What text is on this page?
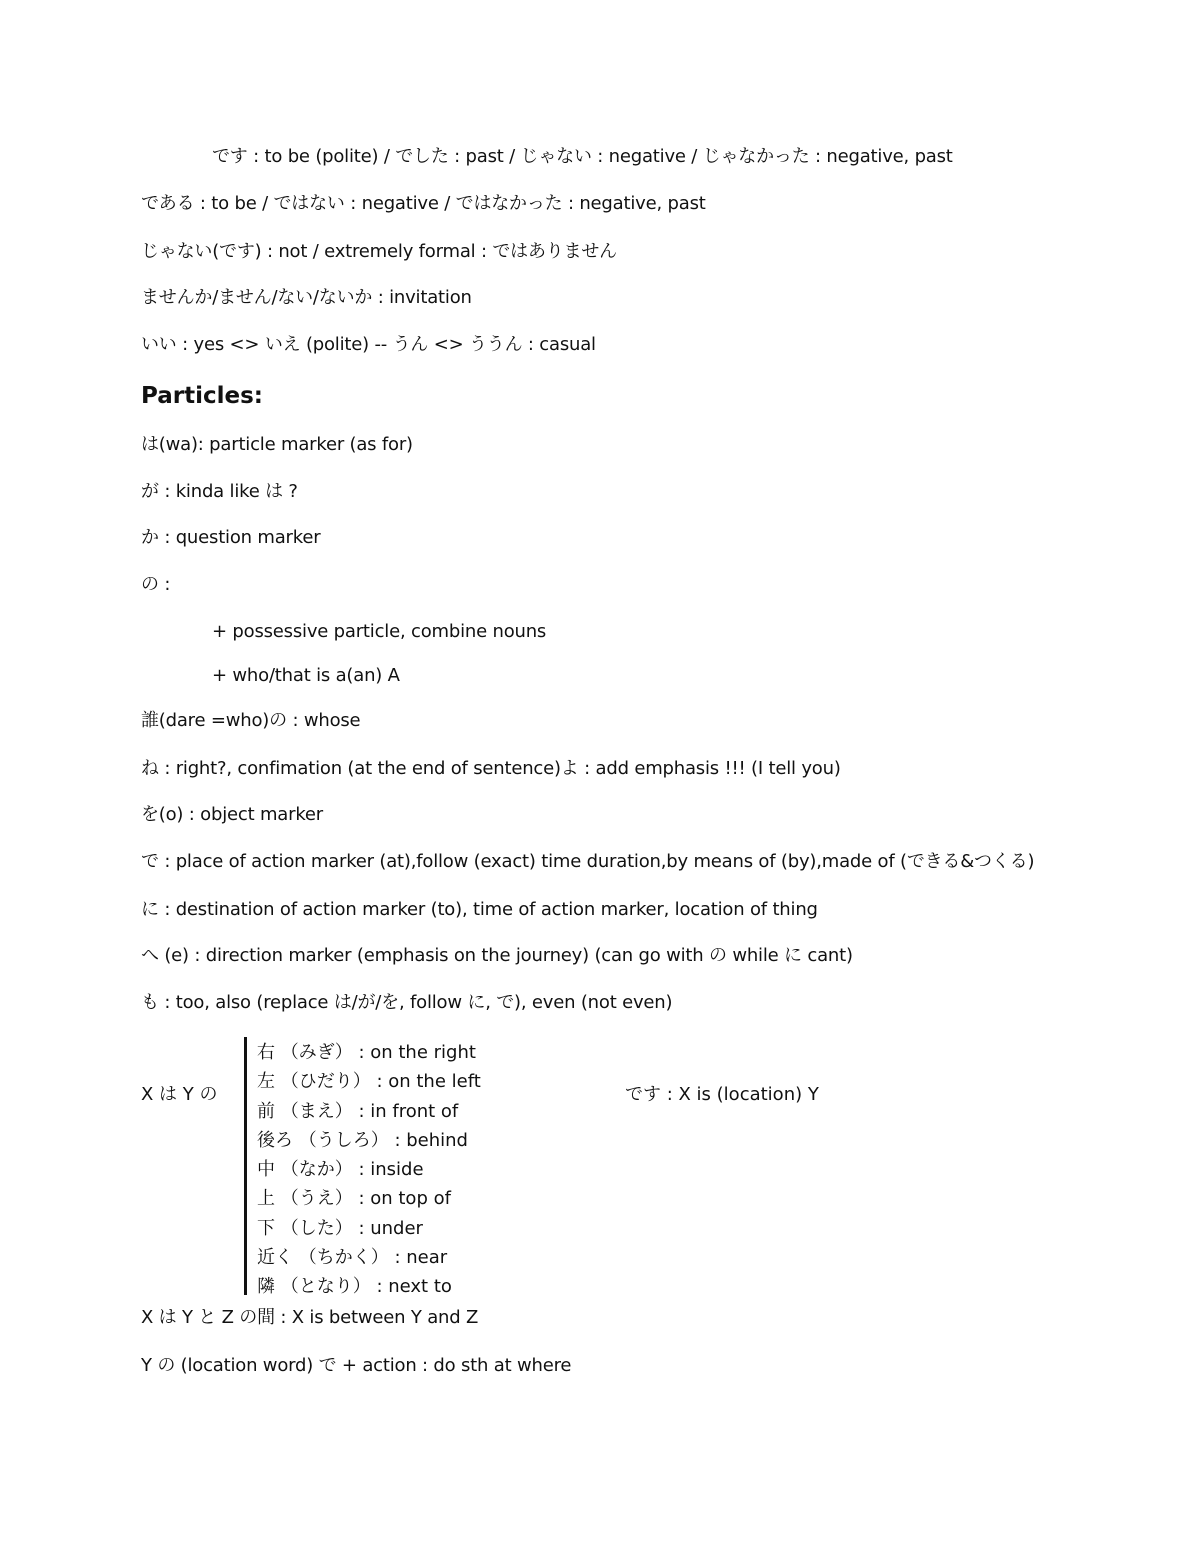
です : to be (polite) / でした : past / じゃない : negative / じゃなかった : negative, past
である : to be / ではない : negative / ではなかった : negative, past
じゃない(です) : not / extremely formal : ではありません
ませんか/ません/ない/ないか : invitation
いい : yes <> いえ (polite) -- うん <> ううん : casual
Particles:
は(wa): particle marker (as for)
が : kinda like は ?
か : question marker
の :
+ possessive particle, combine nouns
+ who/that is a(an) A
誰(dare =who)の : whose
ね : right?, confimation (at the end of sentence)よ : add emphasis !!! (I tell you)
を(o) : object marker
で : place of action marker (at),follow (exact) time duration,by means of (by),made of (できる&つくる)
に : destination of action marker (to), time of action marker, location of thing
へ (e) : direction marker (emphasis on the journey) (can go with の while に cant)
も : too, also (replace は/が/を, follow に, で), even (not even)
X は Y の
右 （みぎ） : on the right
左 （ひだり） : on the left
前 （まえ） : in front of
後ろ （うしろ） : behind
中 （なか） : inside
上 （うえ） : on top of
下 （した） : under
近く （ちかく） : near
隣 （となり） : next to
です : X is (location) Y
X は Y と Z の間 : X is between Y and Z
Y の (location word) で + action : do sth at where
